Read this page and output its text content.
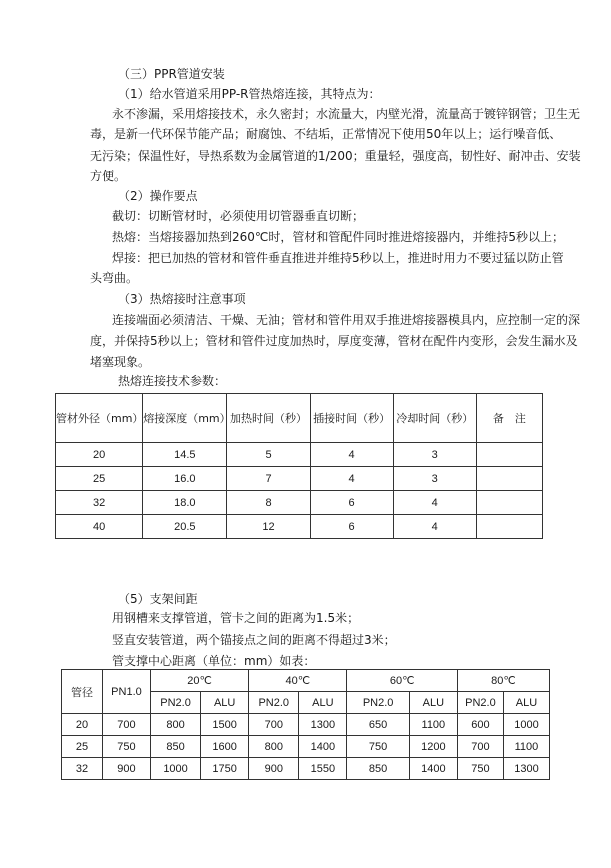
（三）PPR管道安装
（1）给水管道采用PP-R管热熔连接，其特点为：
永不渗漏，采用熔接技术，永久密封；水流量大，内壁光滑，流量高于镀锌钢管；卫生无
毒，是新一代环保节能产品；耐腐蚀、不结垢，正常情况下使用50年以上；运行噪音低、
无污染；保温性好，导热系数为金属管道的1/200；重量轻，强度高，韧性好、耐冲击、安装
方便。
（2）操作要点
截切：切断管材时，必须使用切管器垂直切断；
热熔：当熔接器加热到260℃时，管材和管配件同时推进熔接器内，并维持5秒以上；
焊接：把已加热的管材和管件垂直推进并维持5秒以上，推进时用力不要过猛以防止管
头弯曲。
（3）热熔接时注意事项
连接端面必须清洁、干燥、无油；管材和管件用双手推进熔接器模具内，应控制一定的深
度，并保持5秒以上；管材和管件过度加热时，厚度变薄，管材在配件内变形，会发生漏水及
堵塞现象。
热熔连接技术参数：
管材外径（mm）	熔接深度（mm）	加热时间（秒）	插接时间（秒）	冷却时间（秒）	备　注
20	14.5	5	4	3	
25	16.0	7	4	3	
32	18.0	8	6	4	
40	20.5	12	6	4	
（5）支架间距
用钢槽来支撑管道，管卡之间的距离为1.5米；
竖直安装管道，两个锚接点之间的距离不得超过3米；
管支撑中心距离（单位：mm）如表：
管径	PN1.0	20℃		40℃		60℃		80℃	
		PN2.0	ALU	PN2.0	ALU	PN2.0	ALU	PN2.0	ALU
20	700	800	1500	700	1300	650	1100	600	1000
25	750	850	1600	800	1400	750	1200	700	1100
32	900	1000	1750	900	1550	850	1400	750	1300
